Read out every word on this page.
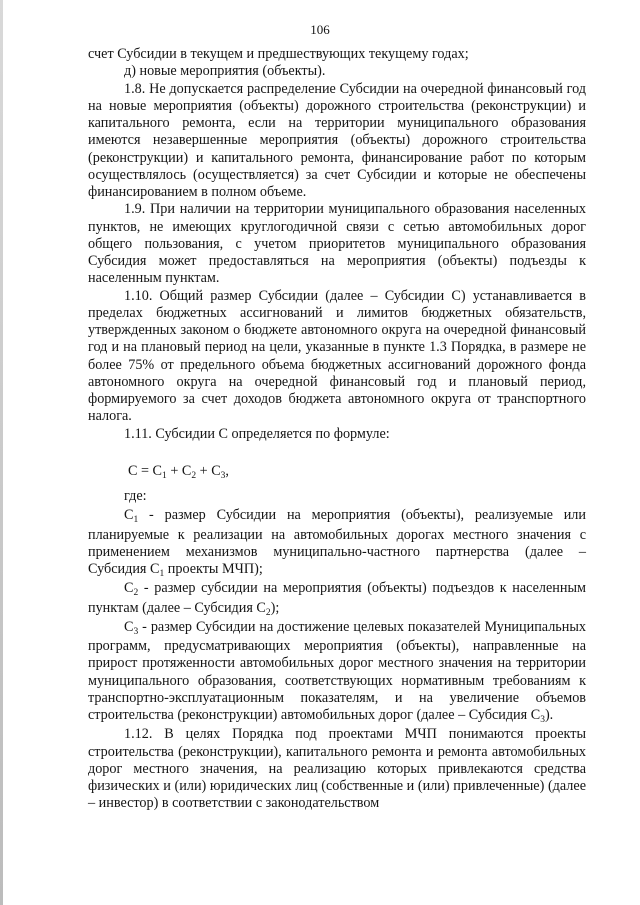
106

счет Субсидии в текущем и предшествующих текущему годах;

д) новые мероприятия (объекты).

1.8. Не допускается распределение Субсидии на очередной финансовый год на новые мероприятия (объекты) дорожного строительства (реконструкции) и капитального ремонта, если на территории муниципального образования имеются незавершенные мероприятия (объекты) дорожного строительства (реконструкции) и капитального ремонта, финансирование работ по которым осуществлялось (осуществляется) за счет Субсидии и которые не обеспечены финансированием в полном объеме.

1.9. При наличии на территории муниципального образования населенных пунктов, не имеющих круглогодичной связи с сетью автомобильных дорог общего пользования, с учетом приоритетов муниципального образования Субсидия может предоставляться на мероприятия (объекты) подъезды к населенным пунктам.

1.10. Общий размер Субсидии (далее – Субсидии С) устанавливается в пределах бюджетных ассигнований и лимитов бюджетных обязательств, утвержденных законом о бюджете автономного округа на очередной финансовый год и на плановый период на цели, указанные в пункте 1.3 Порядка, в размере не более 75% от предельного объема бюджетных ассигнований дорожного фонда автономного округа на очередной финансовый год и плановый период, формируемого за счет доходов бюджета автономного округа от транспортного налога.

1.11. Субсидии С определяется по формуле:

$С = С_1 + С_2 + С_3$,

где:

$С_1$ - размер Субсидии на мероприятия (объекты), реализуемые или планируемые к реализации на автомобильных дорогах местного значения с применением механизмов муниципально-частного партнерства (далее – Субсидия $С_1$ проекты МЧП);

$С_2$ - размер субсидии на мероприятия (объекты) подъездов к населенным пунктам (далее – Субсидия $С_2$);

$С_3$ - размер Субсидии на достижение целевых показателей Муниципальных программ, предусматривающих мероприятия (объекты), направленные на прирост протяженности автомобильных дорог местного значения на территории муниципального образования, соответствующих нормативным требованиям к транспортно-эксплуатационным показателям, и на увеличение объемов строительства (реконструкции) автомобильных дорог (далее – Субсидия $С_3$).

1.12. В целях Порядка под проектами МЧП понимаются проекты строительства (реконструкции), капитального ремонта и ремонта автомобильных дорог местного значения, на реализацию которых привлекаются средства физических и (или) юридических лиц (собственные и (или) привлеченные) (далее – инвестор) в соответствии с законодательством
